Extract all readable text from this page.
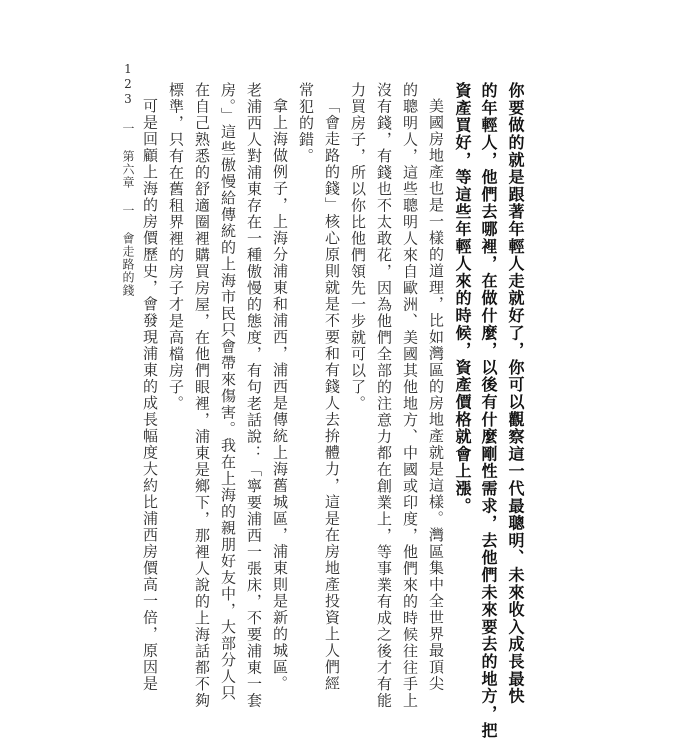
123 一 第六章 一 會走路的錢	你要做的就是跟著年輕人走就好了，你可以觀察這一代最聰明、未來收入成長最快
的年輕人，他們去哪裡，在做什麼，以後有什麼剛性需求，去他們未來要去的地方，把
資產買好，等這些年輕人來的時候，資產價格就會上漲。
美國房地產也是一樣的道理，比如灣區的房地產就是這樣。灣區集中全世界最頂尖
的聰明人，這些聰明人來自歐洲、美國其他地方、中國或印度，他們來的時候往往手上
沒有錢，有錢也不太敢花，因為他們全部的注意力都在創業上，等事業有成之後才有能
力買房子，所以你比他們領先一步就可以了。
「會走路的錢」核心原則就是不要和有錢人去拚體力，這是在房地產投資上人們經
常犯的錯。
拿上海做例子，上海分浦東和浦西，浦西是傳統上海舊城區，浦東則是新的城區。
老浦西人對浦東存在一種傲慢的態度，有句老話說：「寧要浦西一張床，不要浦東一套
房。」這些傲慢給傳統的上海市民只會帶來傷害。我在上海的親朋好友中，大部分人只
在自己熟悉的舒適圈裡購買房屋，在他們眼裡，浦東是鄉下，那裡人說的上海話都不夠
標準，只有在舊租界裡的房子才是高檔房子。
可是回顧上海的房價歷史，會發現浦東的成長幅度大約比浦西房價高一倍，原因是
